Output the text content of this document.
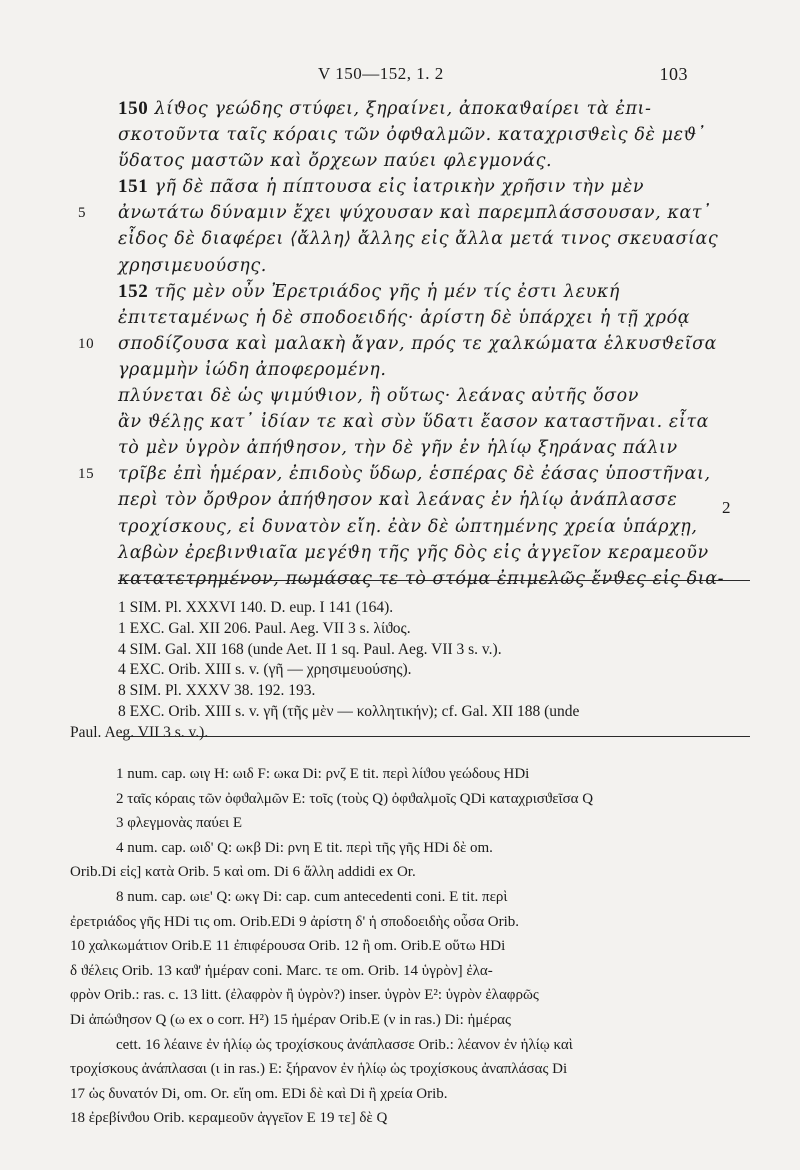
V 150—152, 1. 2	103
150 λίϑος γεώδης στύφει, ξηραίνει, ἀποκαϑαίρει τὰ ἐπι-
σκοτοῦντα ταῖς κόραις τῶν ὀφϑαλμῶν. καταχρισϑεὶς δὲ μεϑ᾽
ὕδατος μαστῶν καὶ ὄρχεων παύει φλεγμονάς.
151 γῆ δὲ πᾶσα ἡ πίπτουσα εἰς ἰατρικὴν χρῆσιν τὴν μὲν
5	ἀνωτάτω δύναμιν ἔχει ψύχουσαν καὶ παρεμπλάσσουσαν, κατ᾽
εἶδος δὲ διαφέρει ⟨ἄλλη⟩ ἄλλης εἰς ἄλλα μετά τινος σκευασίας
χρησιμευούσης.
152 τῆς μὲν οὖν Ἐρετριάδος γῆς ἡ μέν τίς ἐστι λευκή
ἐπιτεταμένως ἡ δὲ σποδοειδής· ἀρίστη δὲ ὑπάρχει ἡ τῇ χρόᾳ
10	σποδίζουσα καὶ μαλακὴ ἄγαν, πρός τε χαλκώματα ἑλκυσϑεῖσα
γραμμὴν ἰώδη ἀποφερομένη.
πλύνεται δὲ ὡς ψιμύϑιον, ἢ οὕτως· λεάνας αὐτῆς ὅσον
ἂν ϑέλῃς κατ᾽ ἰδίαν τε καὶ σὺν ὕδατι ἔασον καταστῆναι. εἶτα
τὸ μὲν ὑγρὸν ἀπήϑησον, τὴν δὲ γῆν ἐν ἡλίῳ ξηράνας πάλιν
15	τρῖβε ἐπὶ ἡμέραν, ἐπιδοὺς ὕδωρ, ἑσπέρας δὲ ἐάσας ὑποστῆναι,
περὶ τὸν ὄρϑρον ἀπήϑησον καὶ λεάνας ἐν ἡλίῳ ἀνάπλασσε
τροχίσκους, εἰ δυνατὸν εἴη. ἐὰν δὲ ὠπτημένης χρεία ὑπάρχῃ,
λαβὼν ἐρεβινϑιαῖα μεγέϑη τῆς γῆς δὸς εἰς ἀγγεῖον κεραμεοῦν
κατατετρημένον, πωμάσας τε τὸ στόμα ἐπιμελῶς ἔνϑες εἰς δια-
2
1 SIM. Pl. XXXVI 140. D. eup. I 141 (164).
1 EXC. Gal. XII 206. Paul. Aeg. VII 3 s. λίϑος.
4 SIM. Gal. XII 168 (unde Aet. II 1 sq. Paul. Aeg. VII 3 s. v.).
4 EXC. Orib. XIII s. v. (γῆ — χρησιμευούσης).
8 SIM. Pl. XXXV 38. 192. 193.
8 EXC. Orib. XIII s. v. γῆ (τῆς μὲν — κολλητικήν); cf. Gal. XII 188 (unde
Paul. Aeg. VII 3 s. v.).
1 num. cap. ωιγ H: ωιδ F: ωκα Di: ρνζ E tit. περὶ λίϑου γεώδους HDi
2 ταῖς κόραις τῶν ὀφϑαλμῶν E: τοῖς (τοὺς Q) ὀφϑαλμοῖς QDi καταχρισϑεῖσα Q
3 φλεγμονὰς παύει E
4 num. cap. ωιδ' Q: ωκβ Di: ρνη E tit. περὶ τῆς γῆς HDi δὲ om.
Orib.Di εἰς] κατὰ Orib. 5 καὶ om. Di 6 ἄλλη addidi ex Or.
8 num. cap. ωιε' Q: ωκγ Di: cap. cum antecedenti coni. E tit. περὶ
ἐρετριάδος γῆς HDi τις om. Orib.EDi 9 ἀρίστη δ' ἡ σποδοειδὴς οὖσα Orib.
10 χαλκωμάτιον Orib.E 11 ἐπιφέρουσα Orib. 12 ἢ om. Orib.E οὕτω HDi
δ ϑέλεις Orib. 13 καϑ' ἡμέραν coni. Marc. τε om. Orib. 14 ὑγρὸν] ἐλα-
φρὸν Orib.: ras. c. 13 litt. (ἐλαφρὸν ἢ ὑγρὸν?) inser. ὑγρὸν E²: ὑγρὸν ἐλαφρῶς
Di ἀπώϑησον Q (ω ex o corr. H²) 15 ἡμέραν Orib.E (ν in ras.) Di: ἡμέρας
cett. 16 λέαινε ἐν ἡλίῳ ὡς τροχίσκους ἀνάπλασσε Orib.: λέανον ἐν ἡλίῳ καὶ
τροχίσκους ἀνάπλασαι (ι in ras.) E: ξήρανον ἐν ἡλίῳ ὡς τροχίσκους ἀναπλάσας Di
17 ὡς δυνατόν Di, om. Or. εἴη om. EDi δὲ καὶ Di ἢ χρεία Orib.
18 ἐρεβίνϑου Orib. κεραμεοῦν ἀγγεῖον E 19 τε] δὲ Q
